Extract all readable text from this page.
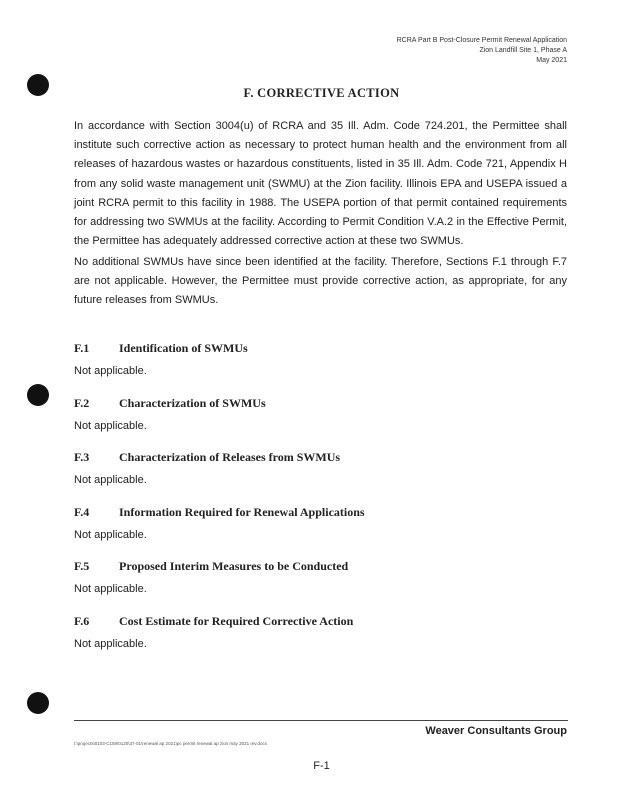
RCRA Part B Post-Closure Permit Renewal Application
Zion Landfill Site 1, Phase A
May 2021
F. CORRECTIVE ACTION
In accordance with Section 3004(u) of RCRA and 35 Ill. Adm. Code 724.201, the Permittee shall institute such corrective action as necessary to protect human health and the environment from all releases of hazardous wastes or hazardous constituents, listed in 35 Ill. Adm. Code 721, Appendix H from any solid waste management unit (SWMU) at the Zion facility. Illinois EPA and USEPA issued a joint RCRA permit to this facility in 1988. The USEPA portion of that permit contained requirements for addressing two SWMUs at the facility. According to Permit Condition V.A.2 in the Effective Permit, the Permittee has adequately addressed corrective action at these two SWMUs.
No additional SWMUs have since been identified at the facility. Therefore, Sections F.1 through F.7 are not applicable. However, the Permittee must provide corrective action, as appropriate, for any future releases from SWMUs.
F.1 Identification of SWMUs
Not applicable.
F.2 Characterization of SWMUs
Not applicable.
F.3 Characterization of Releases from SWMUs
Not applicable.
F.4 Information Required for Renewal Applications
Not applicable.
F.5 Proposed Interim Measures to be Conducted
Not applicable.
F.6 Cost Estimate for Required Corrective Action
Not applicable.
Weaver Consultants Group
I:\projects\0103-C159\0120\37-01\renewal ap 2021\pc permit renewal ap zion may 2021 rev.docx
F-1
